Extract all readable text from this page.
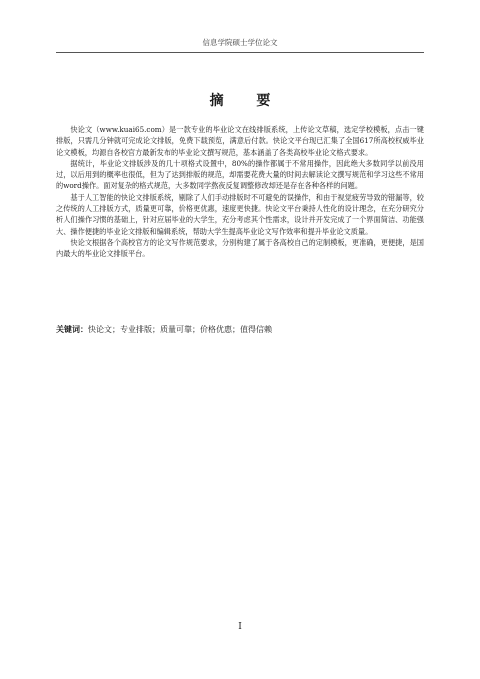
信息学院硕士学位论文
摘 要

快论文（www.kuai65.com）是一款专业的毕业论文在线排版系统，上传论文草稿，选定学校模板，点击一键排版，只需几分钟就可完成论文排版，免费下载预览，满意后付款。快论文平台现已汇集了全国617所高校权威毕业论文模板，均源自各校官方最新发布的毕业论文撰写规范，基本涵盖了各类高校毕业论文格式要求。

据统计，毕业论文排版涉及的几十项格式设置中，80%的操作都属于不常用操作，因此绝大多数同学以前没用过，以后用到的概率也很低，但为了达到排版的规范，却需要花费大量的时间去解读论文撰写规范和学习这些不常用的word操作。面对复杂的格式规范，大多数同学熬夜反复调整修改却还是存在各种各样的问题。

基于人工智能的快论文排版系统，剔除了人们手动排版时不可避免的误操作，和由于视觉疲劳导致的错漏等，较之传统的人工排版方式，质量更可靠，价格更优惠，速度更快捷。快论文平台秉持人性化的设计理念，在充分研究分析人们操作习惯的基础上，针对应届毕业的大学生，充分考虑其个性需求，设计并开发完成了一个界面简洁、功能强大、操作便捷的毕业论文排版和编辑系统，帮助大学生提高毕业论文写作效率和提升毕业论文质量。

快论文根据各个高校官方的论文写作规范要求，分别构建了属于各高校自己的定制模板，更准确，更便捷，是国内最大的毕业论文排版平台。

关键词：快论文；专业排版；质量可靠；价格优惠；值得信赖
I
